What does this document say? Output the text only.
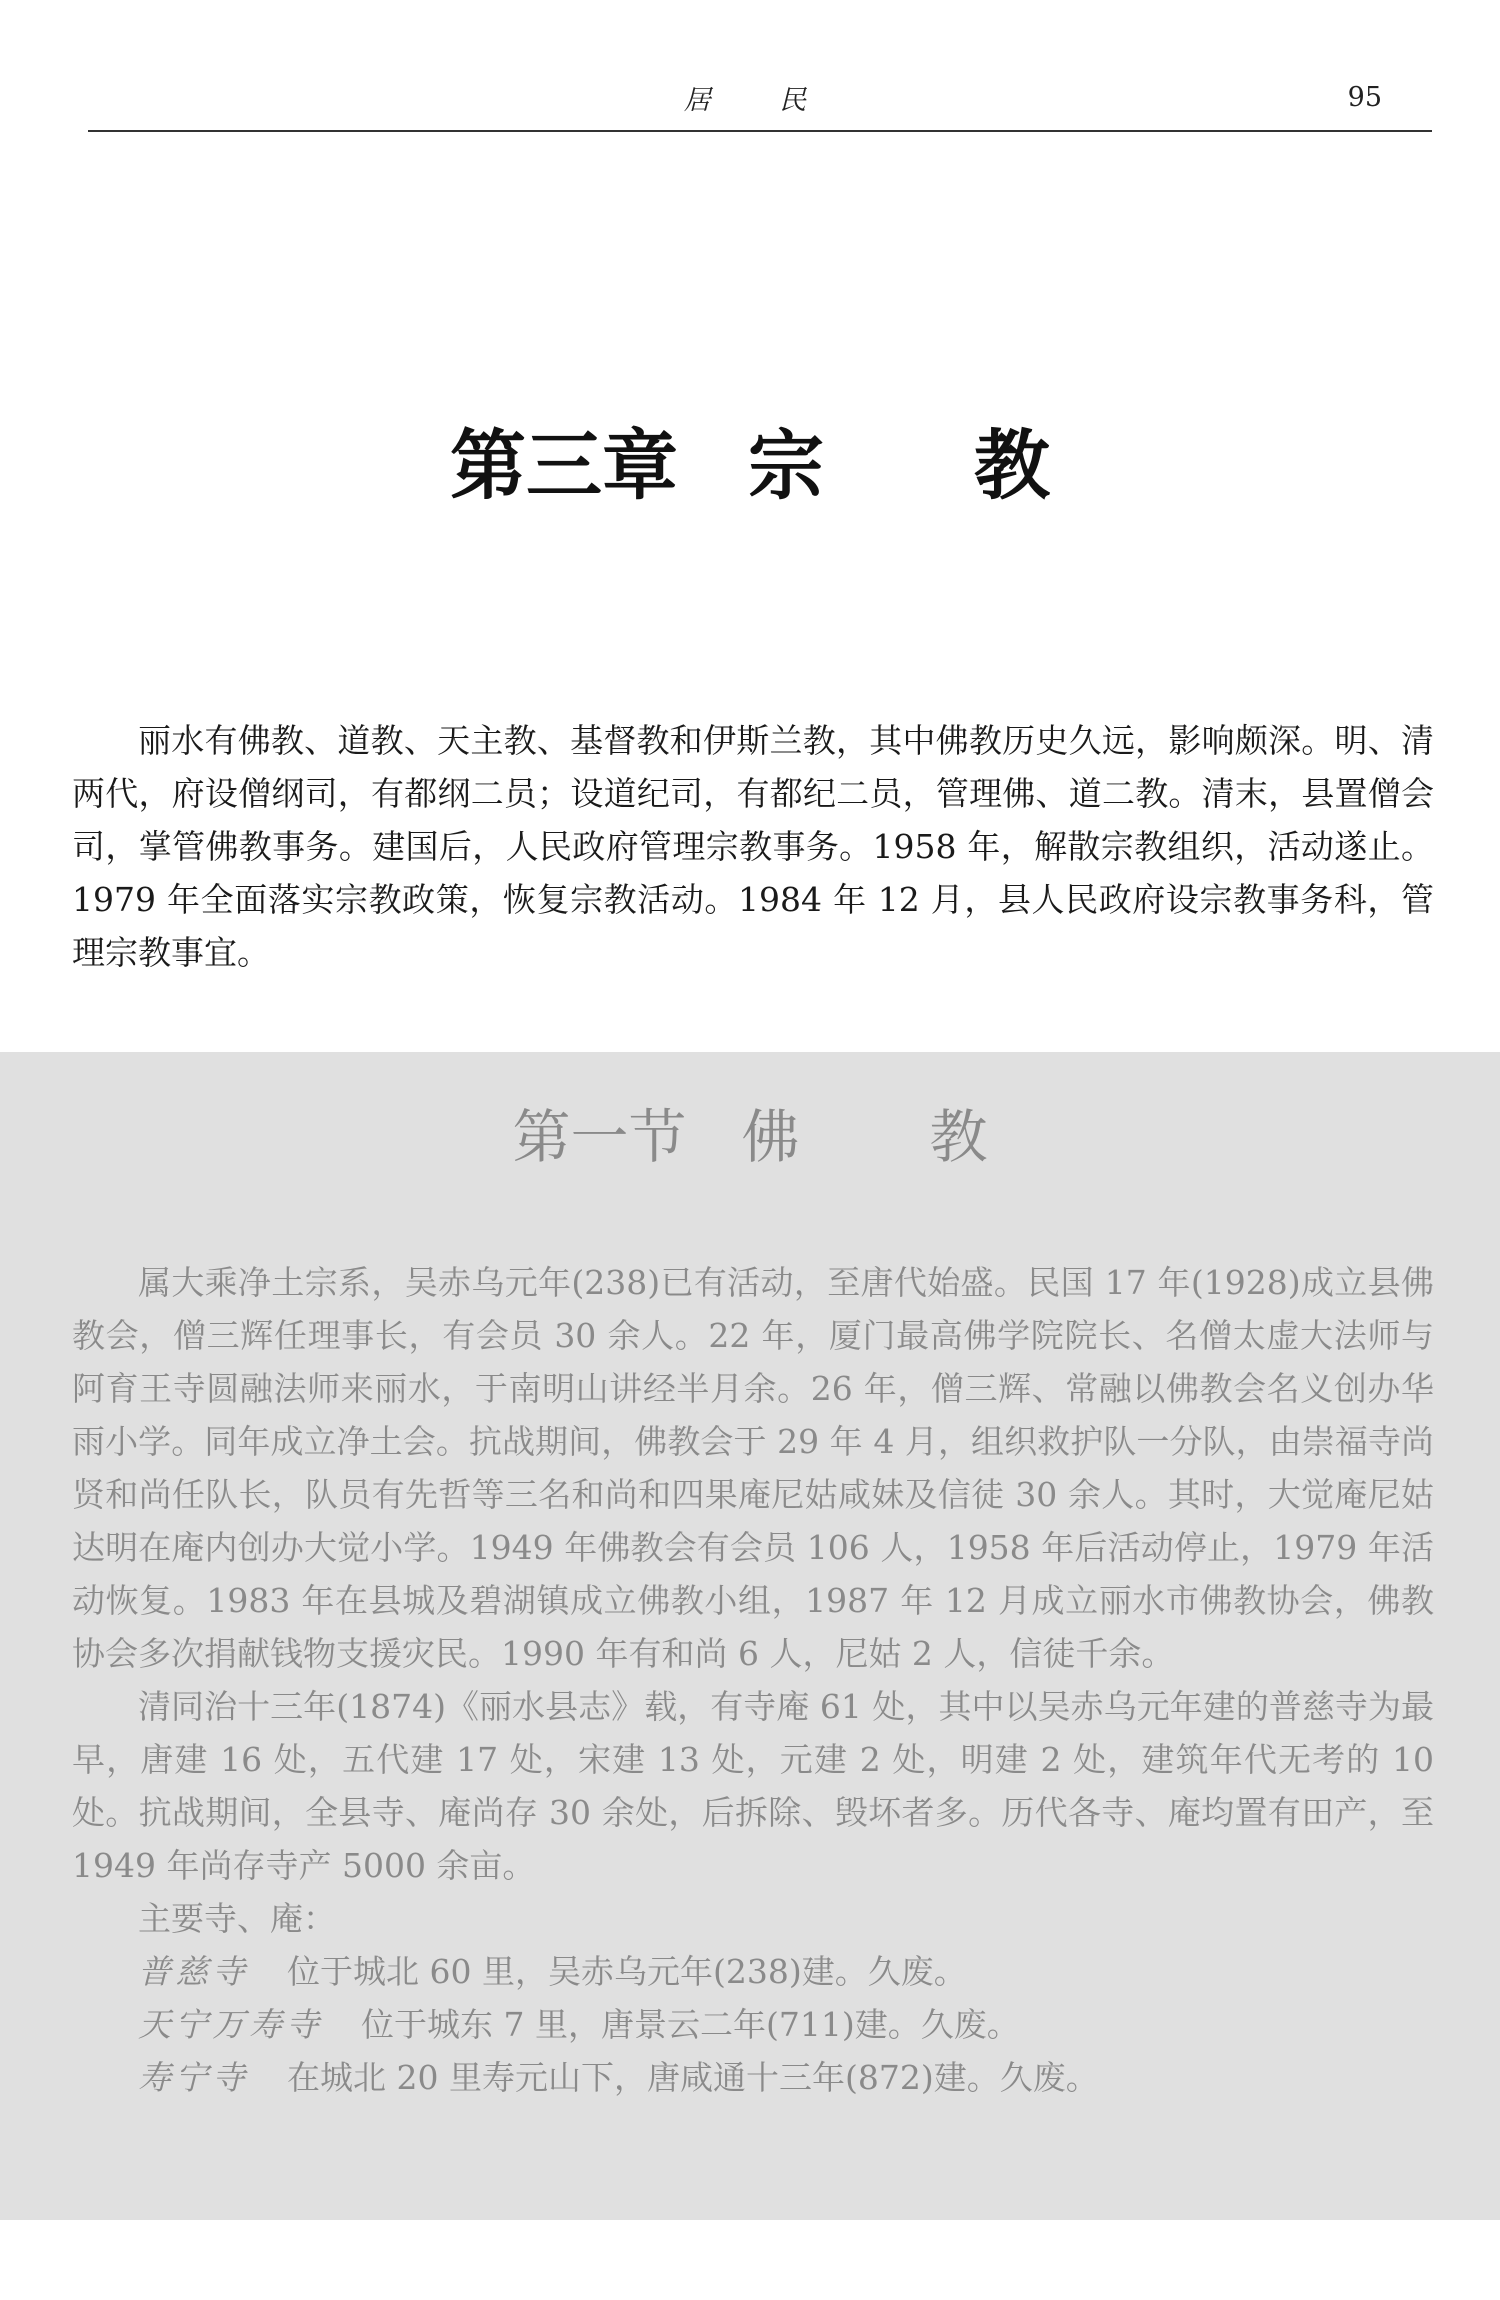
居 民	95
第三章 宗 教

丽水有佛教、道教、天主教、基督教和伊斯兰教，其中佛教历史久远，影响颇深。明、清两代，府设僧纲司，有都纲二员；设道纪司，有都纪二员，管理佛、道二教。清末，县置僧会司，掌管佛教事务。建国后，人民政府管理宗教事务。1958 年，解散宗教组织，活动遂止。1979 年全面落实宗教政策，恢复宗教活动。1984 年 12 月，县人民政府设宗教事务科，管理宗教事宜。

第一节 佛 教

属大乘净土宗系，吴赤乌元年(238)已有活动，至唐代始盛。民国 17 年(1928)成立县佛教会，僧三辉任理事长，有会员 30 余人。22 年，厦门最高佛学院院长、名僧太虚大法师与阿育王寺圆融法师来丽水，于南明山讲经半月余。26 年，僧三辉、常融以佛教会名义创办华雨小学。同年成立净土会。抗战期间，佛教会于 29 年 4 月，组织救护队一分队，由崇福寺尚贤和尚任队长，队员有先哲等三名和尚和四果庵尼姑咸妹及信徒 30 余人。其时，大觉庵尼姑达明在庵内创办大觉小学。1949 年佛教会有会员 106 人，1958 年后活动停止，1979 年活动恢复。1983 年在县城及碧湖镇成立佛教小组，1987 年 12 月成立丽水市佛教协会，佛教协会多次捐献钱物支援灾民。1990 年有和尚 6 人，尼姑 2 人，信徒千余。

清同治十三年(1874)《丽水县志》载，有寺庵 61 处，其中以吴赤乌元年建的普慈寺为最早，唐建 16 处，五代建 17 处，宋建 13 处，元建 2 处，明建 2 处，建筑年代无考的 10 处。抗战期间，全县寺、庵尚存 30 余处，后拆除、毁坏者多。历代各寺、庵均置有田产，至 1949 年尚存寺产 5000 余亩。

主要寺、庵：

普慈寺 位于城北 60 里，吴赤乌元年(238)建。久废。
天宁万寿寺 位于城东 7 里，唐景云二年(711)建。久废。
寿宁寺 在城北 20 里寿元山下，唐咸通十三年(872)建。久废。
